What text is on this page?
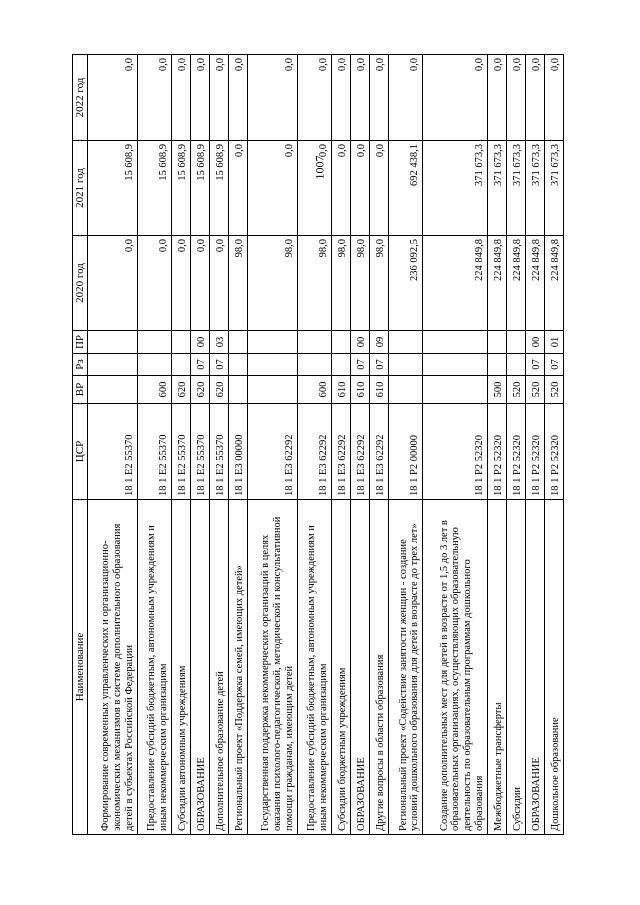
1007
Наименование	ЦСР	ВР	Рз	ПР	2020 год	2021 год	2022 год
Формирование современных управленческих и организационно-экономических механизмов в системе дополнительного образования детей в субъектах Российской Федерации	18 1 E2 55370				0,0	15 608,9	0,0
Предоставление субсидий бюджетным, автономным учреждениям и иным некоммерческим организациям	18 1 E2 55370	600			0,0	15 608,9	0,0
Субсидии автономным учреждениям	18 1 E2 55370	620			0,0	15 608,9	0,0
ОБРАЗОВАНИЕ	18 1 E2 55370	620	07	00	0,0	15 608,9	0,0
Дополнительное образование детей	18 1 E2 55370	620	07	03	0,0	15 608,9	0,0
Региональный проект «Поддержка семей, имеющих детей»	18 1 E3 00000				98,0	0,0	0,0
Государственная поддержка некоммерческих организаций в целях оказания психолого-педагогической, методической и консультативной помощи гражданам, имеющим детей	18 1 E3 62292				98,0	0,0	0,0
Предоставление субсидий бюджетным, автономным учреждениям и иным некоммерческим организациям	18 1 E3 62292	600			98,0	0,0	0,0
Субсидии бюджетным учреждениям	18 1 E3 62292	610			98,0	0,0	0,0
ОБРАЗОВАНИЕ	18 1 E3 62292	610	07	00	98,0	0,0	0,0
Другие вопросы в области образования	18 1 E3 62292	610	07	09	98,0	0,0	0,0
Региональный проект «Содействие занятости женщин - создание условий дошкольного образования для детей в возрасте до трех лет»	18 1 P2 00000				236 092,5	692 438,1	0,0
Создание дополнительных мест для детей в возрасте от 1,5 до 3 лет в образовательных организациях, осуществляющих образовательную деятельность по образовательным программам дошкольного образования	18 1 P2 52320				224 849,8	371 673,3	0,0
Межбюджетные трансферты	18 1 P2 52320	500			224 849,8	371 673,3	0,0
Субсидии	18 1 P2 52320	520			224 849,8	371 673,3	0,0
ОБРАЗОВАНИЕ	18 1 P2 52320	520	07	00	224 849,8	371 673,3	0,0
Дошкольное образование	18 1 P2 52320	520	07	01	224 849,8	371 673,3	0,0
